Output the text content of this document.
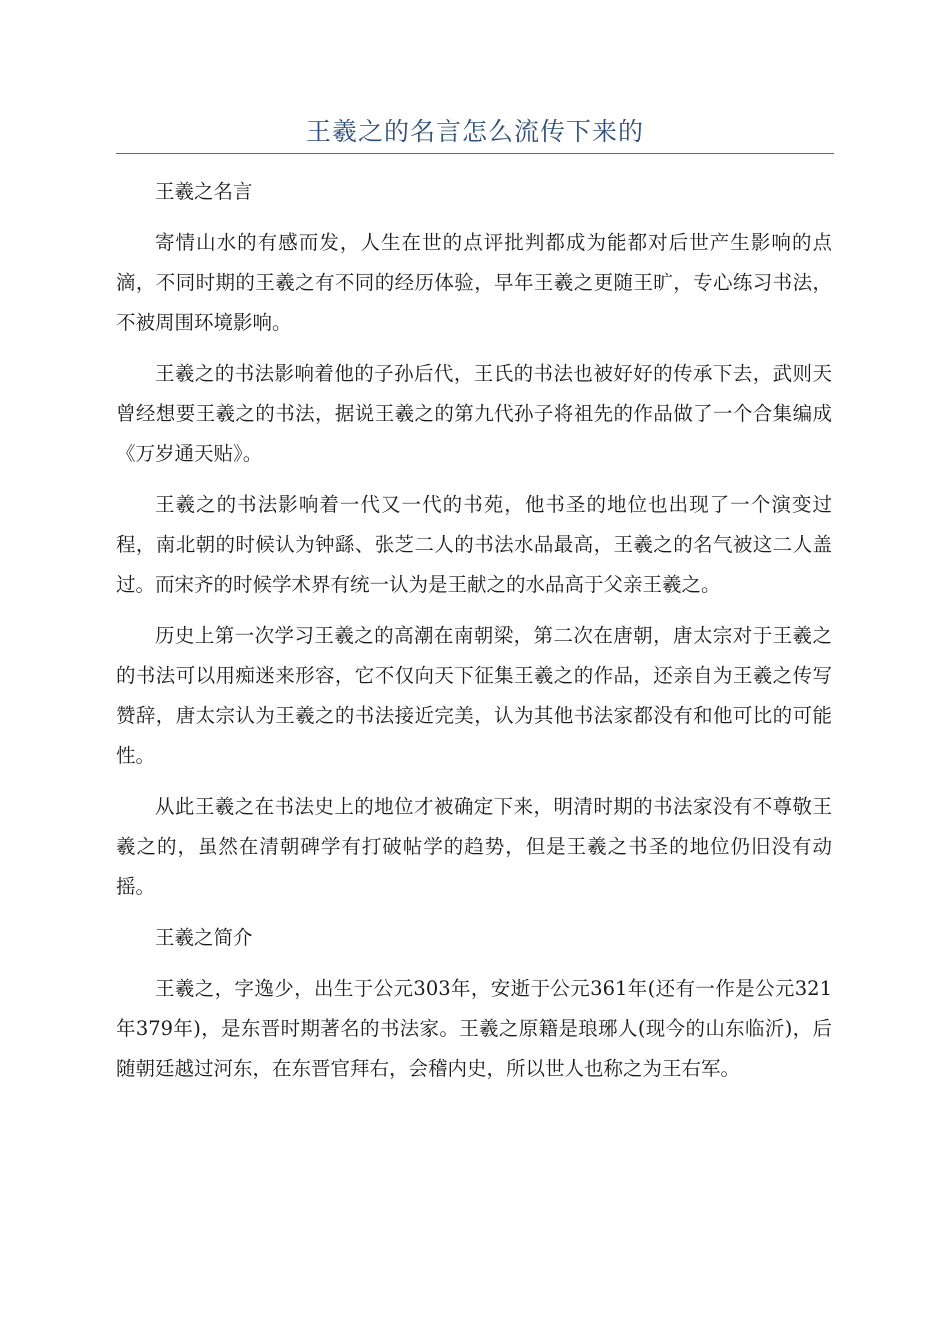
王羲之的名言怎么流传下来的

王羲之名言

寄情山水的有感而发，人生在世的点评批判都成为能都对后世产生影响的点滴，不同时期的王羲之有不同的经历体验，早年王羲之更随王旷，专心练习书法，不被周围环境影响。

王羲之的书法影响着他的子孙后代，王氏的书法也被好好的传承下去，武则天曾经想要王羲之的书法，据说王羲之的第九代孙子将祖先的作品做了一个合集编成《万岁通天贴》。

王羲之的书法影响着一代又一代的书苑，他书圣的地位也出现了一个演变过程，南北朝的时候认为钟繇、张芝二人的书法水品最高，王羲之的名气被这二人盖过。而宋齐的时候学术界有统一认为是王献之的水品高于父亲王羲之。

历史上第一次学习王羲之的高潮在南朝梁，第二次在唐朝，唐太宗对于王羲之的书法可以用痴迷来形容，它不仅向天下征集王羲之的作品，还亲自为王羲之传写赞辞，唐太宗认为王羲之的书法接近完美，认为其他书法家都没有和他可比的可能性。

从此王羲之在书法史上的地位才被确定下来，明清时期的书法家没有不尊敬王羲之的，虽然在清朝碑学有打破帖学的趋势，但是王羲之书圣的地位仍旧没有动摇。

王羲之简介

王羲之，字逸少，出生于公元303年，安逝于公元361年(还有一作是公元321年379年)，是东晋时期著名的书法家。王羲之原籍是琅琊人(现今的山东临沂)，后随朝廷越过河东，在东晋官拜右，会稽内史，所以世人也称之为王右军。
